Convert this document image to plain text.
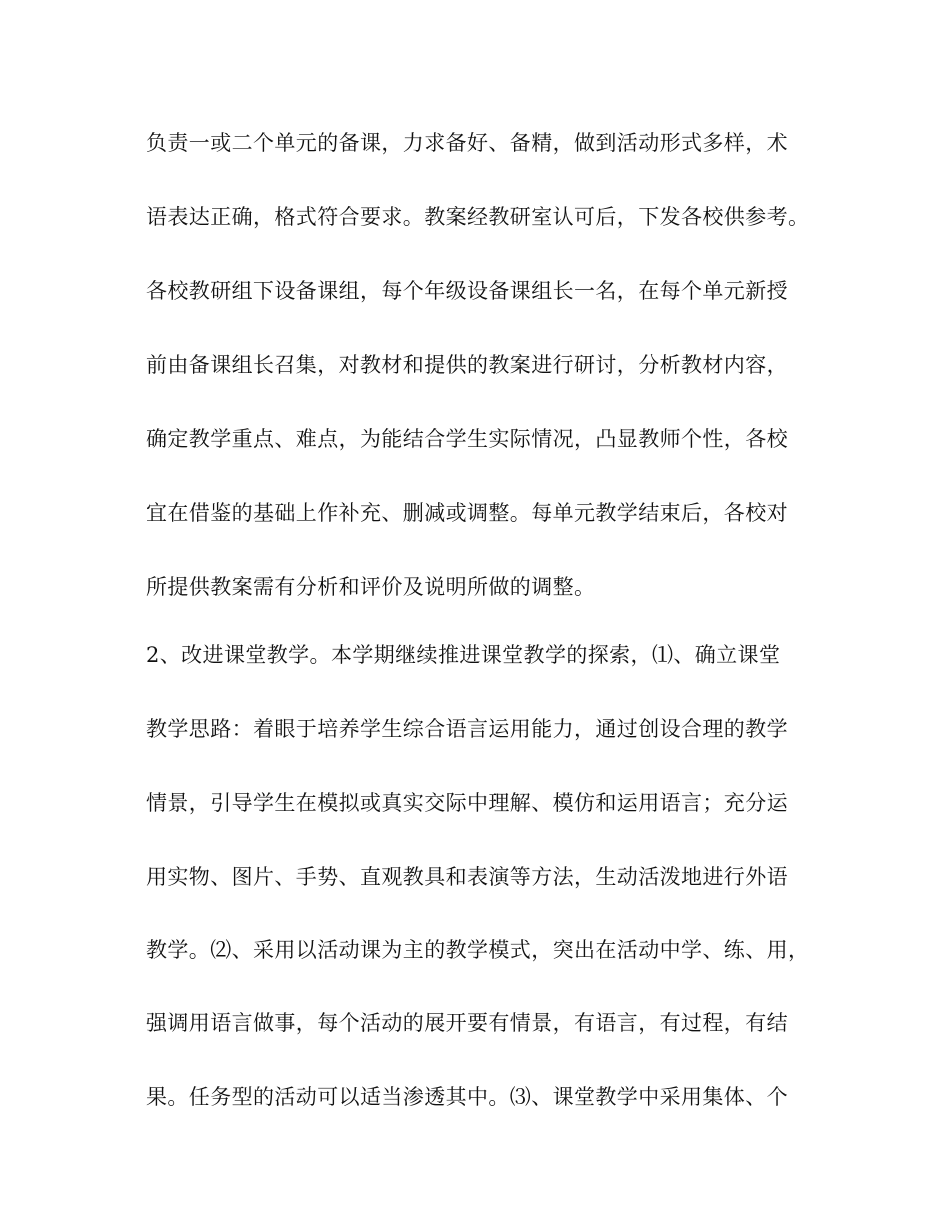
负责一或二个单元的备课，力求备好、备精，做到活动形式多样，术
语表达正确，格式符合要求。教案经教研室认可后，下发各校供参考。
各校教研组下设备课组，每个年级设备课组长一名，在每个单元新授
前由备课组长召集，对教材和提供的教案进行研讨，分析教材内容，
确定教学重点、难点，为能结合学生实际情况，凸显教师个性，各校
宜在借鉴的基础上作补充、删减或调整。每单元教学结束后，各校对
所提供教案需有分析和评价及说明所做的调整。
2、改进课堂教学。本学期继续推进课堂教学的探索，⑴、确立课堂
教学思路：着眼于培养学生综合语言运用能力，通过创设合理的教学
情景，引导学生在模拟或真实交际中理解、模仿和运用语言；充分运
用实物、图片、手势、直观教具和表演等方法，生动活泼地进行外语
教学。⑵、采用以活动课为主的教学模式，突出在活动中学、练、用，
强调用语言做事，每个活动的展开要有情景，有语言，有过程，有结
果。任务型的活动可以适当渗透其中。⑶、课堂教学中采用集体、个
